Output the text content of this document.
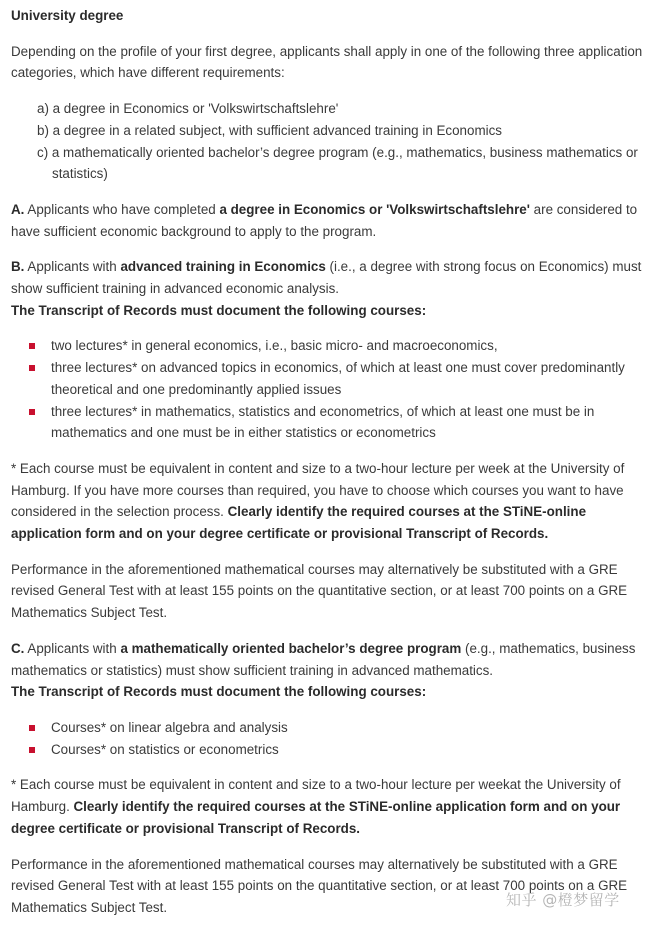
University degree

Depending on the profile of your first degree, applicants shall apply in one of the following three application categories, which have different requirements:

a) a degree in Economics or 'Volkswirtschaftslehre'
b) a degree in a related subject, with sufficient advanced training in Economics
c) a mathematically oriented bachelor’s degree program (e.g., mathematics, business mathematics or statistics)

A. Applicants who have completed a degree in Economics or 'Volkswirtschaftslehre' are considered to have sufficient economic background to apply to the program.

B. Applicants with advanced training in Economics (i.e., a degree with strong focus on Economics) must show sufficient training in advanced economic analysis.

The Transcript of Records must document the following courses:

two lectures* in general economics, i.e., basic micro- and macroeconomics,
three lectures* on advanced topics in economics, of which at least one must cover predominantly theoretical and one predominantly applied issues
three lectures* in mathematics, statistics and econometrics, of which at least one must be in mathematics and one must be in either statistics or econometrics

* Each course must be equivalent in content and size to a two-hour lecture per week at the University of Hamburg. If you have more courses than required, you have to choose which courses you want to have considered in the selection process. Clearly identify the required courses at the STiNE-online application form and on your degree certificate or provisional Transcript of Records.

Performance in the aforementioned mathematical courses may alternatively be substituted with a GRE revised General Test with at least 155 points on the quantitative section, or at least 700 points on a GRE Mathematics Subject Test.

C. Applicants with a mathematically oriented bachelor’s degree program (e.g., mathematics, business mathematics or statistics) must show sufficient training in advanced mathematics.

The Transcript of Records must document the following courses:

Courses* on linear algebra and analysis
Courses* on statistics or econometrics

* Each course must be equivalent in content and size to a two-hour lecture per weekat the University of Hamburg. Clearly identify the required courses at the STiNE-online application form and on your degree certificate or provisional Transcript of Records.

Performance in the aforementioned mathematical courses may alternatively be substituted with a GRE revised General Test with at least 155 points on the quantitative section, or at least 700 points on a GRE Mathematics Subject Test.	知乎 @橙梦留学
